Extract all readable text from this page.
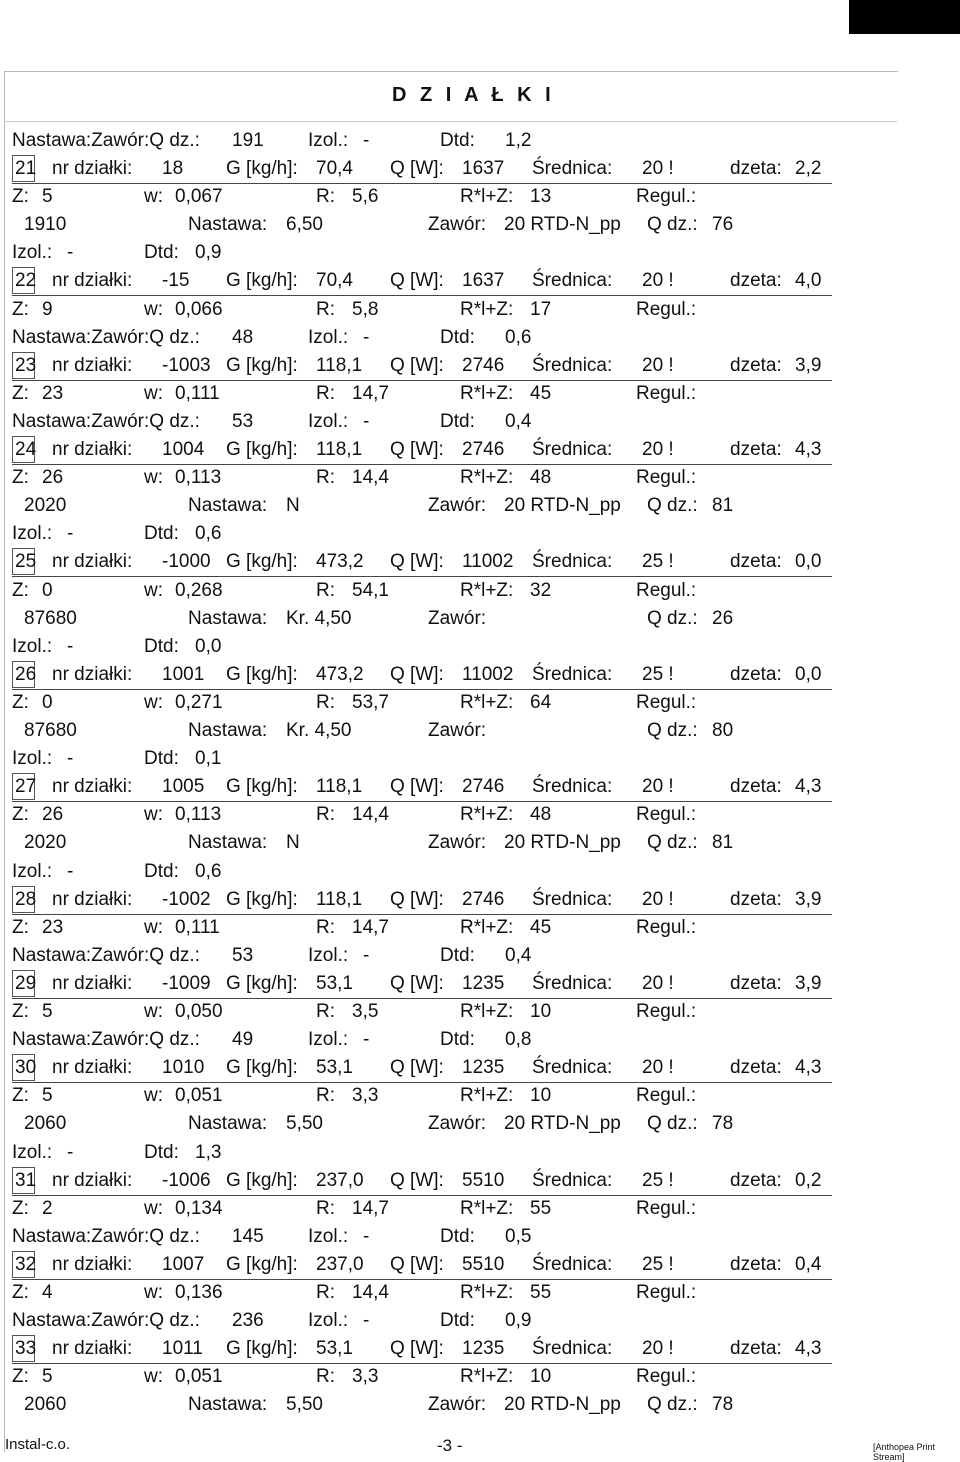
D Z I A Ł K I
Nastawa:Zawór:Q dz.: 191 Izol.: -	Dtd: 1,2
21 nr działki: 18 G [kg/h]: 70,4 Q [W]: 1637 Średnica: 20 !	dzeta: 2,2
Z: 5	w: 0,067	R: 5,6	R*l+Z: 13	Regul.:
1910	Nastawa: 6,50	Zawór: 20 RTD-N_pp Q dz.: 76
Izol.: -	Dtd: 0,9
22 nr działki: -15 G [kg/h]: 70,4 Q [W]: 1637 Średnica: 20 !	dzeta: 4,0
Z: 9	w: 0,066	R: 5,8	R*l+Z: 17	Regul.:
Nastawa:Zawór:Q dz.: 48	Izol.: -	Dtd: 0,6
23 nr działki: -1003 G [kg/h]: 118,1 Q [W]: 2746 Średnica: 20 !	dzeta: 3,9
Z: 23	w: 0,111	R: 14,7	R*l+Z: 45	Regul.:
Nastawa:Zawór:Q dz.: 53	Izol.: -	Dtd: 0,4
24 nr działki: 1004 G [kg/h]: 118,1 Q [W]: 2746 Średnica: 20 !	dzeta: 4,3
Z: 26	w: 0,113	R: 14,4	R*l+Z: 48	Regul.:
2020	Nastawa: N	Zawór: 20 RTD-N_pp Q dz.: 81
Izol.: -	Dtd: 0,6
25 nr działki: -1000 G [kg/h]: 473,2 Q [W]: 11002 Średnica: 25 !	dzeta: 0,0
Z: 0	w: 0,268	R: 54,1	R*l+Z: 32	Regul.:
87680	Nastawa: Kr. 4,50	Zawór:	Q dz.: 26
Izol.: -	Dtd: 0,0
26 nr działki: 1001 G [kg/h]: 473,2 Q [W]: 11002 Średnica: 25 !	dzeta: 0,0
Z: 0	w: 0,271	R: 53,7	R*l+Z: 64	Regul.:
87680	Nastawa: Kr. 4,50	Zawór:	Q dz.: 80
Izol.: -	Dtd: 0,1
27 nr działki: 1005 G [kg/h]: 118,1 Q [W]: 2746 Średnica: 20 !	dzeta: 4,3
Z: 26	w: 0,113	R: 14,4	R*l+Z: 48	Regul.:
2020	Nastawa: N	Zawór: 20 RTD-N_pp Q dz.: 81
Izol.: -	Dtd: 0,6
28 nr działki: -1002 G [kg/h]: 118,1 Q [W]: 2746 Średnica: 20 !	dzeta: 3,9
Z: 23	w: 0,111	R: 14,7	R*l+Z: 45	Regul.:
Nastawa:Zawór:Q dz.: 53	Izol.: -	Dtd: 0,4
29 nr działki: -1009 G [kg/h]: 53,1 Q [W]: 1235 Średnica: 20 !	dzeta: 3,9
Z: 5	w: 0,050	R: 3,5	R*l+Z: 10	Regul.:
Nastawa:Zawór:Q dz.: 49	Izol.: -	Dtd: 0,8
30 nr działki: 1010 G [kg/h]: 53,1 Q [W]: 1235 Średnica: 20 !	dzeta: 4,3
Z: 5	w: 0,051	R: 3,3	R*l+Z: 10	Regul.:
2060	Nastawa: 5,50	Zawór: 20 RTD-N_pp Q dz.: 78
Izol.: -	Dtd: 1,3
31 nr działki: -1006 G [kg/h]: 237,0 Q [W]: 5510 Średnica: 25 !	dzeta: 0,2
Z: 2	w: 0,134	R: 14,7	R*l+Z: 55	Regul.:
Nastawa:Zawór:Q dz.: 145 Izol.: -	Dtd: 0,5
32 nr działki: 1007 G [kg/h]: 237,0 Q [W]: 5510 Średnica: 25 !	dzeta: 0,4
Z: 4	w: 0,136	R: 14,4	R*l+Z: 55	Regul.:
Nastawa:Zawór:Q dz.: 236 Izol.: -	Dtd: 0,9
33 nr działki: 1011 G [kg/h]: 53,1 Q [W]: 1235 Średnica: 20 !	dzeta: 4,3
Z: 5	w: 0,051	R: 3,3	R*l+Z: 10	Regul.:
2060	Nastawa: 5,50	Zawór: 20 RTD-N_pp Q dz.: 78
Instal-c.o.	-3 -	[Anthopea Print Stream]
